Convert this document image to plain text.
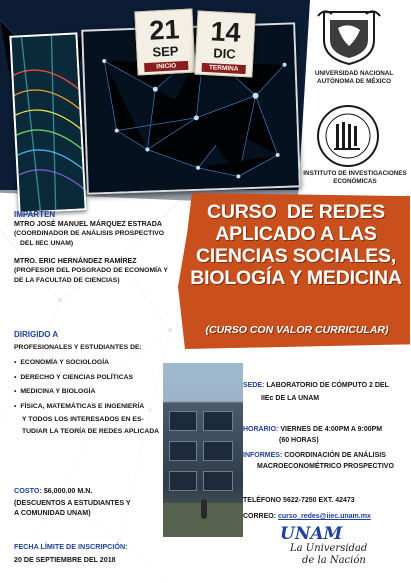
21
SEP
INICIO
14
DIC
TERMINA
UNIVERSIDAD NACIONAL AUTÓNOMA DE MÉXICO
INSTITUTO DE INVESTIGACIONES ECONÓMICAS
CURSO  DE REDES
APLICADO A LAS
CIENCIAS SOCIALES,
BIOLOGÍA Y MEDICINA
(CURSO CON VALOR CURRICULAR)
IMPARTEN
MTRO JOSÉ MANUEL MÁRQUEZ ESTRADA
(COORDINADOR DE ANÁLISIS PROSPECTIVO
DEL IIEC UNAM)
MTRO. ERIC HERNÁNDEZ RAMÍREZ
(PROFESOR DEL POSGRADO DE ECONOMÍA Y
DE LA FACULTAD DE CIENCIAS)
DIRIGIDO A
PROFESIONALES Y ESTUDIANTES DE:
• ECONOMÍA Y SOCIOLOGÍA
• DERECHO Y CIENCIAS POLÍTICAS
• MEDICINA Y BIOLOGÍA
• FÍSICA, MATEMÁTICAS E INGENIERÍA
Y TODOS LOS INTERESADOS EN ES-
TUDIAR LA TEORÍA DE REDES APLICADA
COSTO: $6,000.00 M.N.
(DESCUENTOS A ESTUDIANTES Y
A COMUNIDAD UNAM)
FECHA LÍMITE DE INSCRIPCIÓN:
20 DE SEPTIEMBRE DEL 2018
SEDE: LABORATORIO DE CÓMPUTO 2 DEL
IIEc DE LA UNAM
HORARIO: VIERNES DE 4:00PM A 9:00PM
(60 HORAS)
INFORMES: COORDINACIÓN DE ANÁLISIS
MACROECONOMÉTRICO PROSPECTIVO
TELÉFONO 5622-7250 EXT. 42473
CORREO: curso_redes@iiec.unam.mx
UNAM
La Universidad
de la Nación
